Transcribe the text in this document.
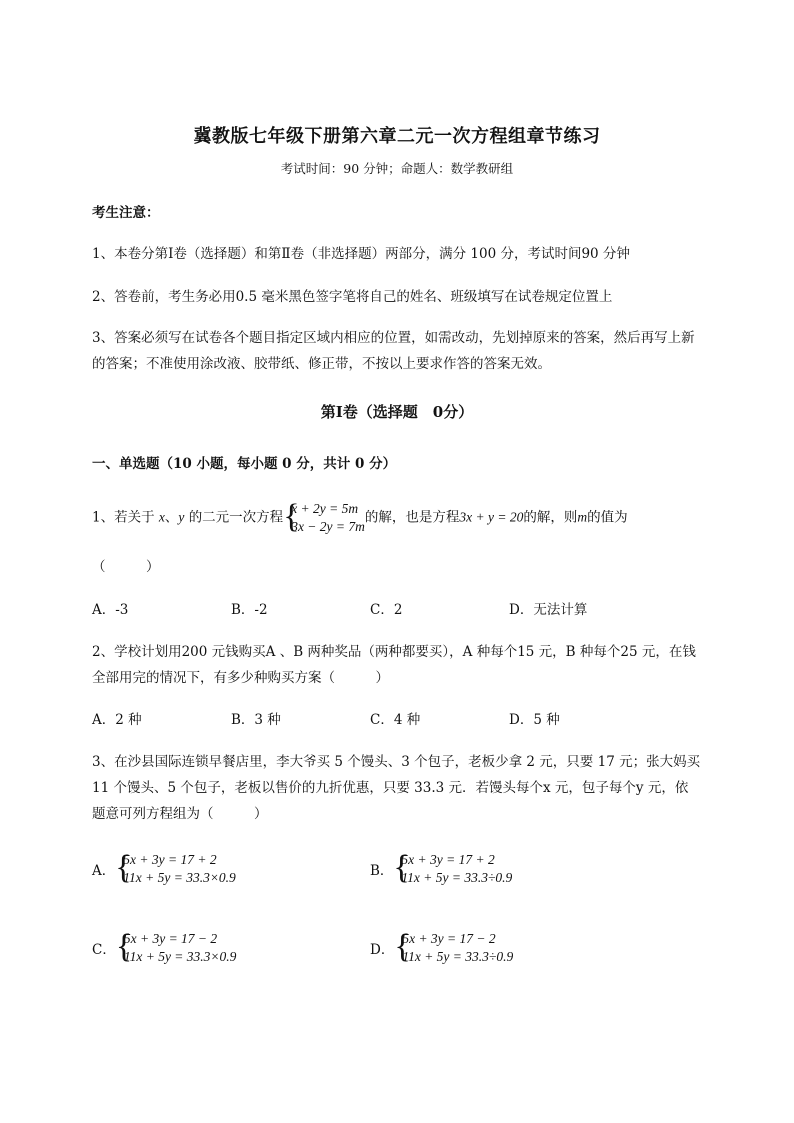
冀教版七年级下册第六章二元一次方程组章节练习
考试时间：90 分钟；命题人：数学教研组
考生注意：
1、本卷分第Ⅰ卷（选择题）和第Ⅱ卷（非选择题）两部分，满分 100 分，考试时间90 分钟
2、答卷前，考生务必用0.5 毫米黑色签字笔将自己的姓名、班级填写在试卷规定位置上
3、答案必须写在试卷各个题目指定区域内相应的位置，如需改动，先划掉原来的答案，然后再写上新
的答案；不准使用涂改液、胶带纸、修正带，不按以上要求作答的答案无效。
第Ⅰ卷（选择题　0分）
一、单选题（10 小题，每小题 0 分，共计 0 分）
1、若关于 x、y 的二元一次方程 {
x + 2y = 5m
3x − 2y = 7m
的解，也是方程3x + y = 20的解，则m的值为
（　　　）
A．-3	B．-2	C．2	D．无法计算
2、学校计划用200 元钱购买A 、B 两种奖品（两种都要买），A 种每个15 元，B 种每个25 元，在钱
全部用完的情况下，有多少种购买方案（　　　）
A．2 种	B．3 种	C．4 种	D．5 种
3、在沙县国际连锁早餐店里，李大爷买 5 个馒头、3 个包子，老板少拿 2 元，只要 17 元；张大妈买
11 个馒头、5 个包子，老板以售价的九折优惠，只要 33.3 元．若馒头每个x 元，包子每个y 元，依
题意可列方程组为（　　　）
A． {
5x + 3y = 17 + 2
11x + 5y = 33.3×0.9	B． {
5x + 3y = 17 + 2
11x + 5y = 33.3÷0.9
C． {
5x + 3y = 17 − 2
11x + 5y = 33.3×0.9	D． {
5x + 3y = 17 − 2
11x + 5y = 33.3÷0.9
